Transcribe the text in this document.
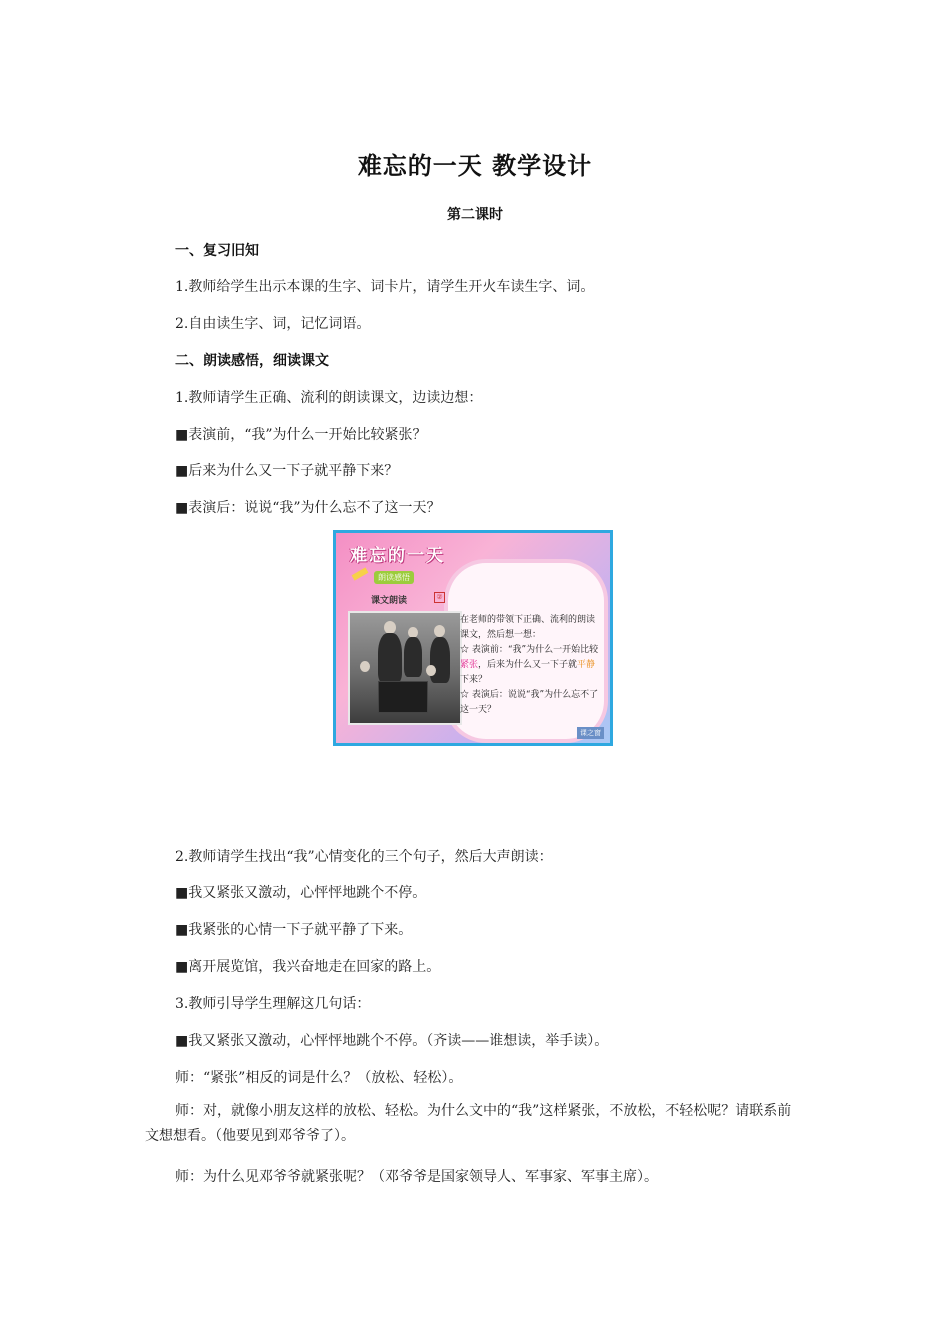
难忘的一天 教学设计
第二课时
一、复习旧知
1.教师给学生出示本课的生字、词卡片，请学生开火车读生字、词。
2.自由读生字、词，记忆词语。
二、朗读感悟，细读课文
1.教师请学生正确、流利的朗读课文，边读边想：
■表演前，“我”为什么一开始比较紧张？
■后来为什么又一下子就平静下来？
■表演后：说说“我”为什么忘不了这一天？
难忘的一天
朗读感悟
课文朗读	②
在老师的带领下正确、流利的朗读课文，然后想一想：
☆ 表演前：“我”为什么一开始比较紧张，后来为什么又一下子就平静下来？
☆ 表演后：说说“我”为什么忘不了这一天？
课之窗
2.教师请学生找出“我”心情变化的三个句子，然后大声朗读：
■我又紧张又激动，心怦怦地跳个不停。
■我紧张的心情一下子就平静了下来。
■离开展览馆，我兴奋地走在回家的路上。
3.教师引导学生理解这几句话：
■我又紧张又激动，心怦怦地跳个不停。（齐读——谁想读，举手读）。
师：“紧张”相反的词是什么？（放松、轻松）。
师：对，就像小朋友这样的放松、轻松。为什么文中的“我”这样紧张，不放松，不轻松呢？请联系前文想想看。（他要见到邓爷爷了）。
师：为什么见邓爷爷就紧张呢？（邓爷爷是国家领导人、军事家、军事主席）。
